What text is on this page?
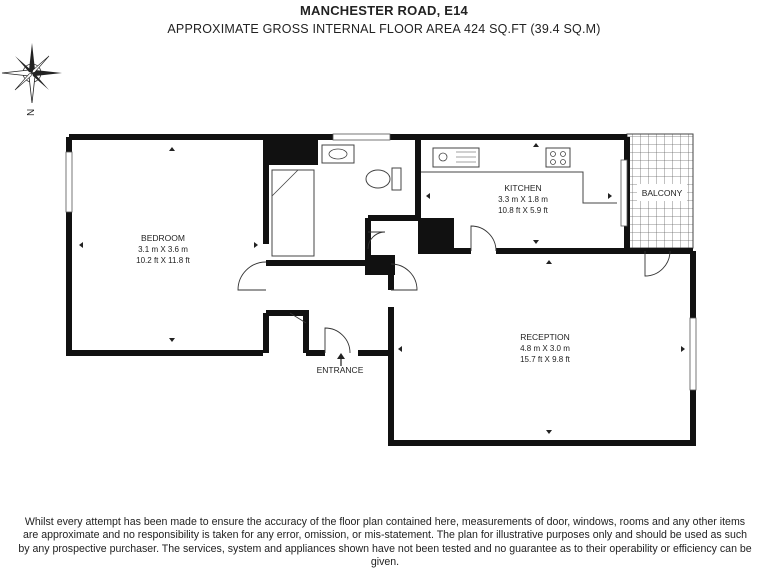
MANCHESTER ROAD, E14
APPROXIMATE GROSS INTERNAL FLOOR AREA 424 SQ.FT (39.4 SQ.M)
N
BEDROOM
3.1 m X 3.6 m
10.2 ft X 11.8 ft
KITCHEN
3.3 m X 1.8 m
10.8 ft X 5.9 ft
RECEPTION
4.8 m X 3.0 m
15.7 ft X 9.8 ft
BALCONY
ENTRANCE
Whilst every attempt has been made to ensure the accuracy of the floor plan contained here, measurements of door, windows, rooms and any other items are approximate and no responsibility is taken for any error, omission, or mis-statement. The plan for illustrative purposes only and should be used as such by any prospective purchaser. The services, system and appliances shown have not been tested and no guarantee as to their operability or efficiency can be given.
